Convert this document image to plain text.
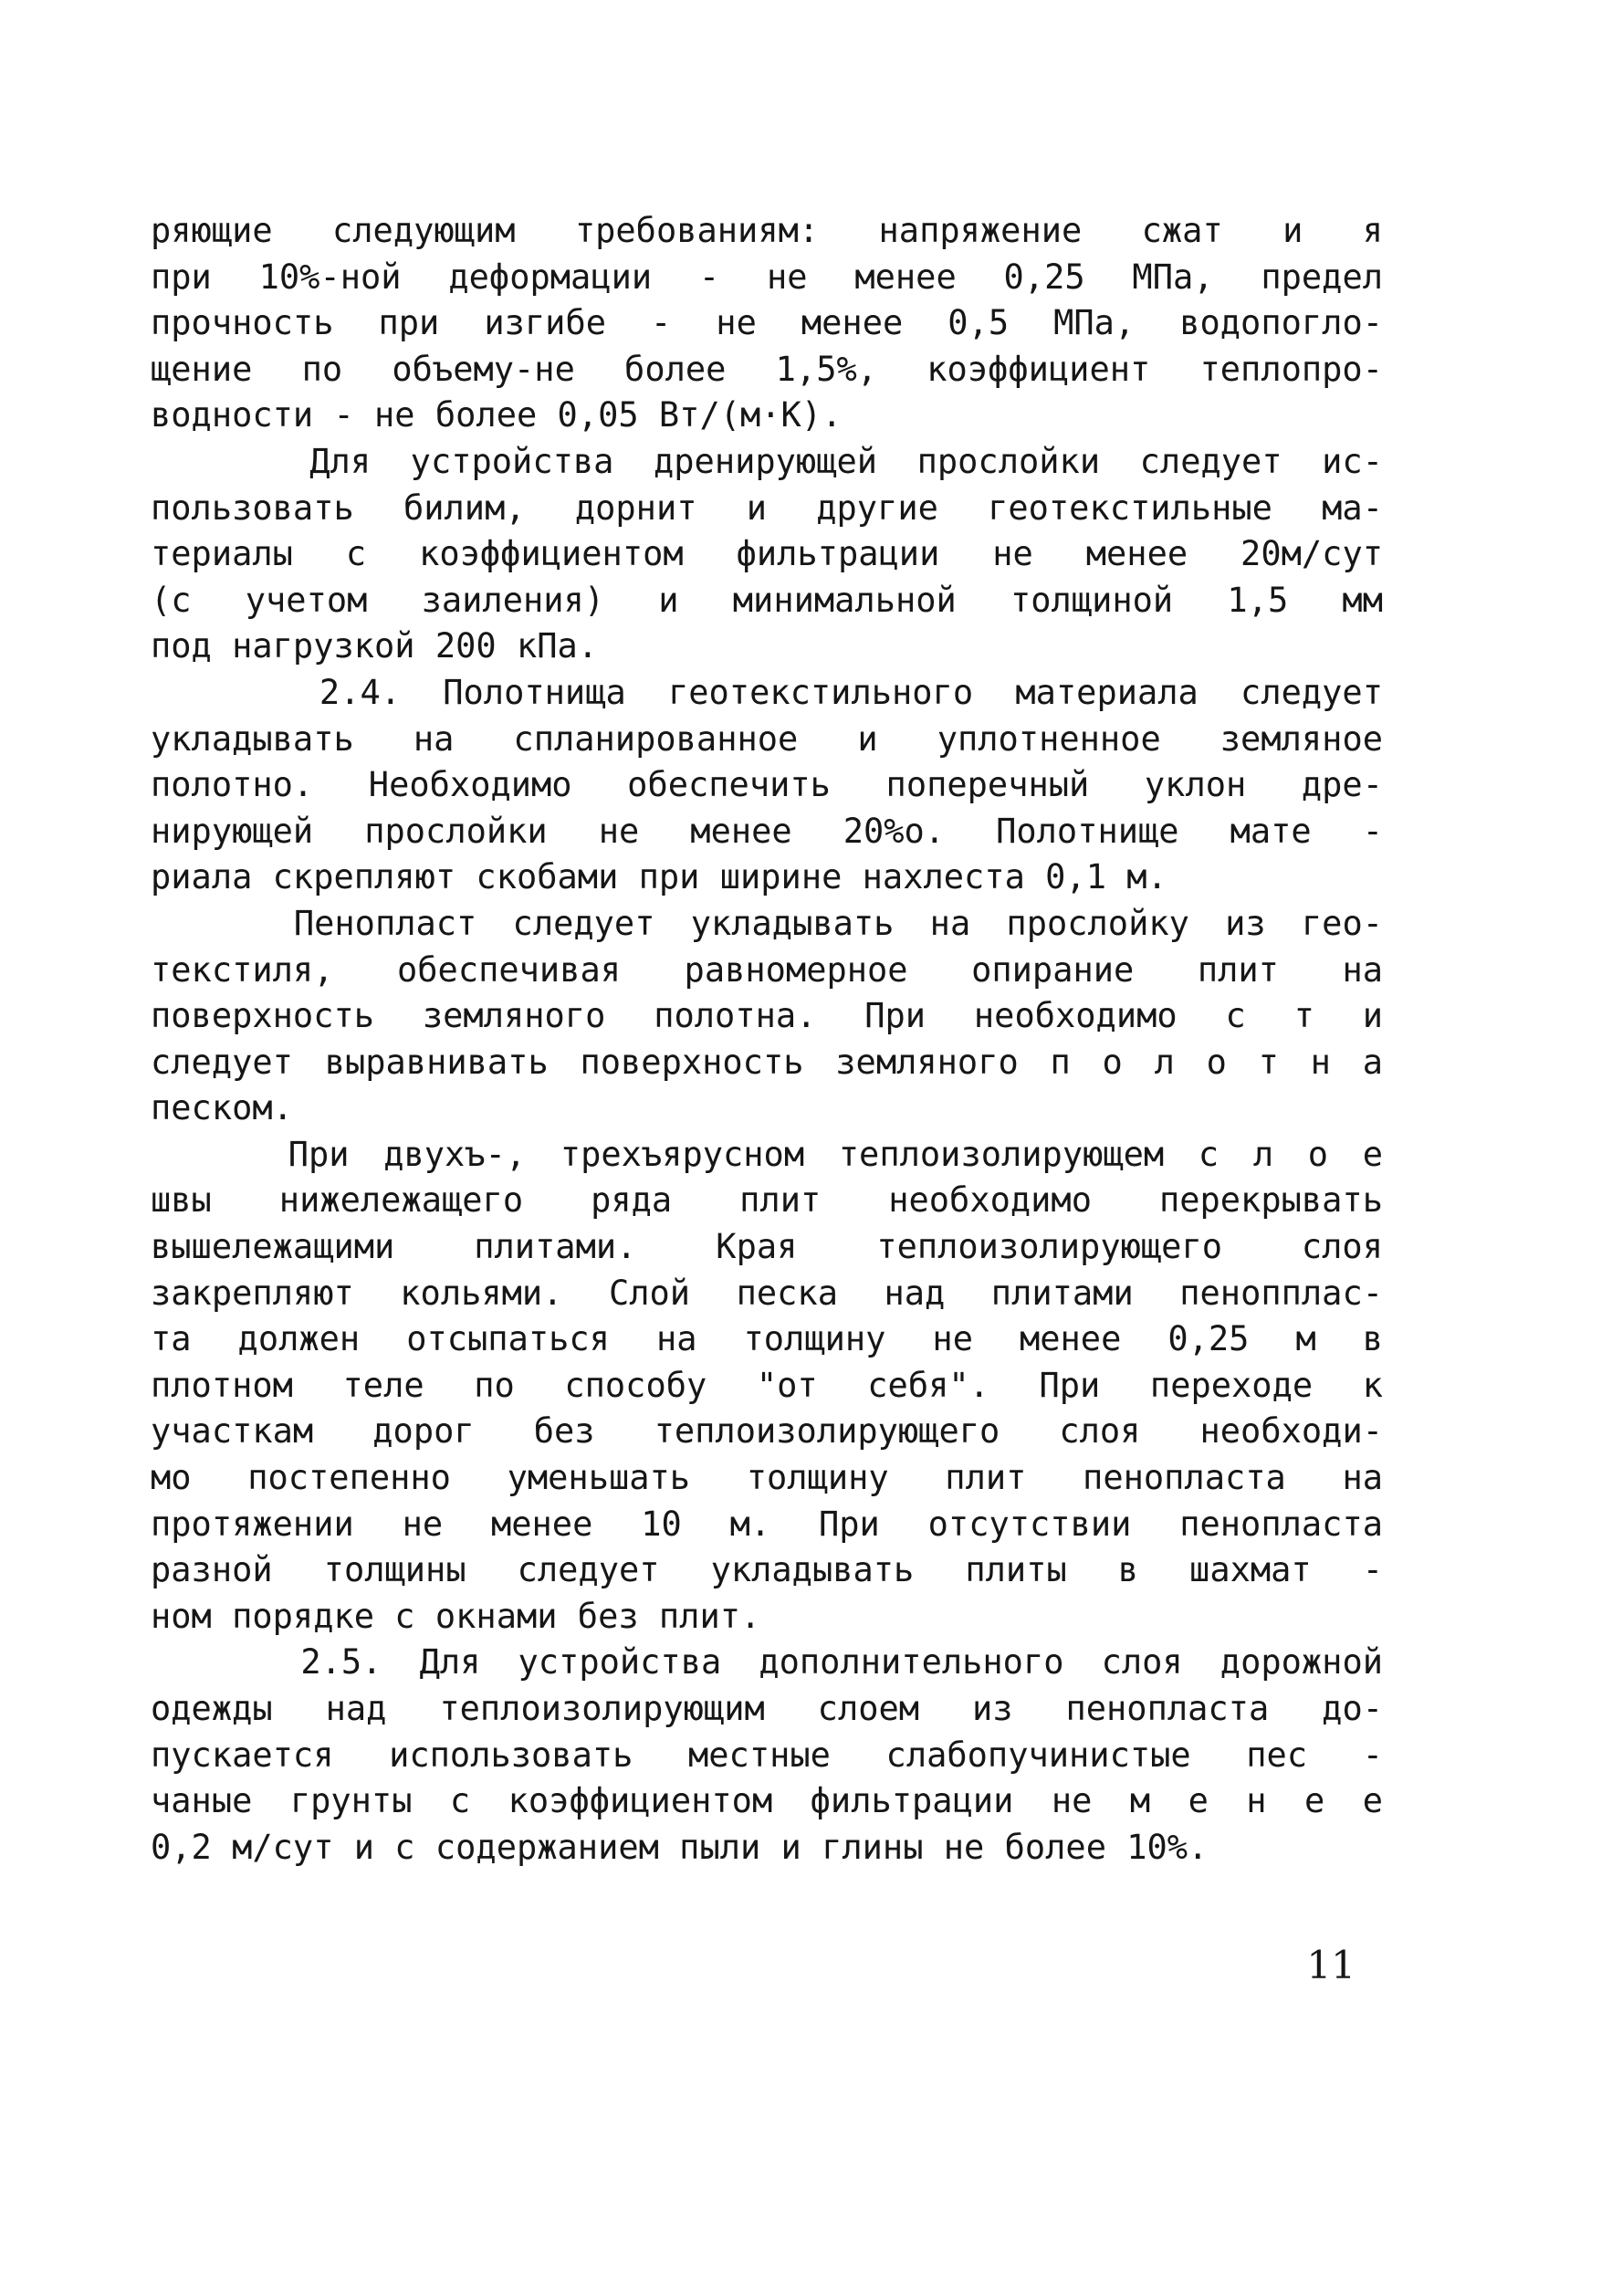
ряющие следующим требованиям: напряжение сжат и я
при 10%-ной деформации - не менее 0,25 МПа, предел
прочность при изгибе - не менее 0,5 МПа, водопогло-
щение по объему-не более 1,5%, коэффициент теплопро-
водности - не более 0,05 Вт/(м·К).
Для устройства дренирующей прослойки следует ис-
пользовать билим, дорнит и другие геотекстильные ма-
териалы с коэффициентом фильтрации не менее 20м/сут
(с учетом заиления) и минимальной толщиной 1,5 мм
под нагрузкой 200 кПа.
2.4. Полотнища геотекстильного материала следует
укладывать на спланированное и уплотненное земляное
полотно. Необходимо обеспечить поперечный уклон дре-
нирующей прослойки не менее 20%о. Полотнище мате -
риала скрепляют скобами при ширине нахлеста 0,1 м.
Пенопласт следует укладывать на прослойку из гео-
текстиля, обеспечивая равномерное опирание плит на
поверхность земляного полотна. При необходимо с т и
следует выравнивать поверхность земляного п о л о т н а
песком.
При двухъ-, трехъярусном теплоизолирующем с л о е
швы нижележащего ряда плит необходимо перекрывать
вышележащими плитами. Края теплоизолирующего слоя
закрепляют кольями. Слой песка над плитами пенопплас-
та должен отсыпаться на толщину не менее 0,25 м в
плотном теле по способу "от себя". При переходе к
участкам дорог без теплоизолирующего слоя необходи-
мо постепенно уменьшать толщину плит пенопласта на
протяжении не менее 10 м. При отсутствии пенопласта
разной толщины следует укладывать плиты в шахмат -
ном порядке с окнами без плит.
2.5. Для устройства дополнительного слоя дорожной
одежды над теплоизолирующим слоем из пенопласта до-
пускается использовать местные слабопучинистые пес -
чаные грунты с коэффициентом фильтрации не м е н е е
0,2 м/сут и с содержанием пыли и глины не более 10%.
11
